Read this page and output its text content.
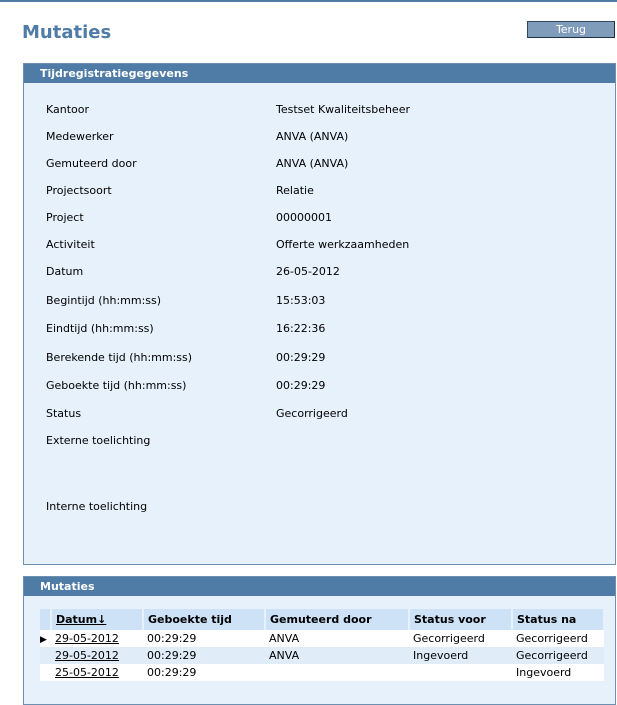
Mutaties	Terug
Tijdregistratiegegevens
Kantoor	Testset Kwaliteitsbeheer
Medewerker	ANVA (ANVA)
Gemuteerd door	ANVA (ANVA)
Projectsoort	Relatie
Project	00000001
Activiteit	Offerte werkzaamheden
Datum	26-05-2012
Begintijd (hh:mm:ss)	15:53:03
Eindtijd (hh:mm:ss)	16:22:36
Berekende tijd (hh:mm:ss)	00:29:29
Geboekte tijd (hh:mm:ss)	00:29:29
Status	Gecorrigeerd
Externe toelichting
Interne toelichting
Mutaties
	Datum↓	Geboekte tijd	Gemuteerd door	Status voor	Status na
▶	29-05-2012	00:29:29	ANVA	Gecorrigeerd	Gecorrigeerd
	29-05-2012	00:29:29	ANVA	Ingevoerd	Gecorrigeerd
	25-05-2012	00:29:29			Ingevoerd
